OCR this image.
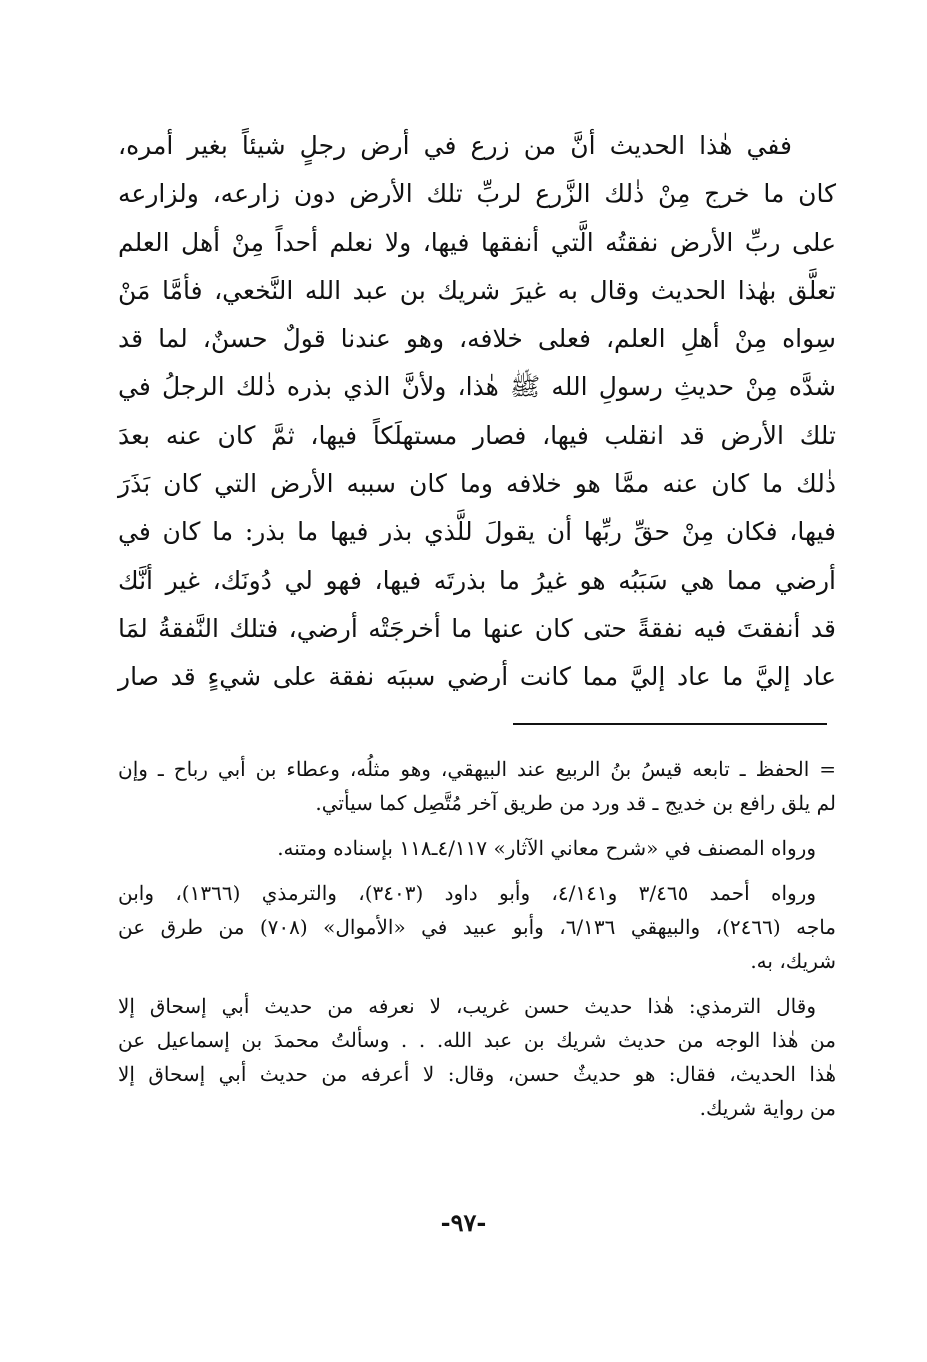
ففي هٰذا الحديث أنَّ من زرع في أرض رجلٍ شيئاً بغير أمره،
كان ما خرج مِنْ ذٰلك الزَّرع لربِّ تلك الأرض دون زارعه، ولزارعه
على ربِّ الأرض نفقتُه الَّتي أنفقها فيها، ولا نعلم أحداً مِنْ أهل العلم
تعلَّق بهٰذا الحديث وقال به غيرَ شريك بن عبد الله النَّخعي، فأمَّا مَنْ
سِواه مِنْ أهلِ العلم، فعلى خلافه، وهو عندنا قولٌ حسنٌ، لما قد
شدَّه مِنْ حديثِ رسولِ الله ﷺ هٰذا، ولأنَّ الذي بذره ذٰلك الرجلُ في
تلك الأرض قد انقلب فيها، فصار مستهلَكاً فيها، ثمَّ كان عنه بعدَ
ذٰلك ما كان عنه ممَّا هو خلافه وما كان سببه الأرض التي كان بَذَرَ
فيها، فكان مِنْ حقِّ ربِّها أن يقولَ للَّذي بذر فيها ما بذر: ما كان في
أرضي مما هي سَبَبُه هو غيرُ ما بذرتَه فيها، فهو لي دُونَك، غير أنَّك
قد أنفقتَ فيه نفقةً حتى كان عنها ما أخرجَتْه أرضي، فتلك النَّفقةُ لمَا
عاد إليَّ ما عاد إليَّ مما كانت أرضي سببَه نفقة على شيءٍ قد صار
= الحفظ ـ تابعه قيسُ بنُ الربيع عند البيهقي، وهو مثلُه، وعطاء بن أبي رباح ـ وإن
لم يلق رافع بن خديج ـ قد ورد من طريق آخر مُتَّصِل كما سيأتي.
ورواه المصنف في «شرح معاني الآثار» ٤/١١٧ـ١١٨ بإسناده ومتنه.
ورواه أحمد ٣/٤٦٥ و٤/١٤١، وأبو داود (٣٤٠٣)، والترمذي (١٣٦٦)، وابن
ماجه (٢٤٦٦)، والبيهقي ٦/١٣٦، وأبو عبيد في «الأموال» (٧٠٨) من طرق عن
شريك، به.
وقال الترمذي: هٰذا حديث حسن غريب، لا نعرفه من حديث أبي إسحاق إلا
من هٰذا الوجه من حديث شريك بن عبد الله. . . وسألتُ محمدَ بن إسماعيل عن
هٰذا الحديث، فقال: هو حديثٌ حسن، وقال: لا أعرفه من حديث أبي إسحاق إلا
من رواية شريك.
-٩٧-
